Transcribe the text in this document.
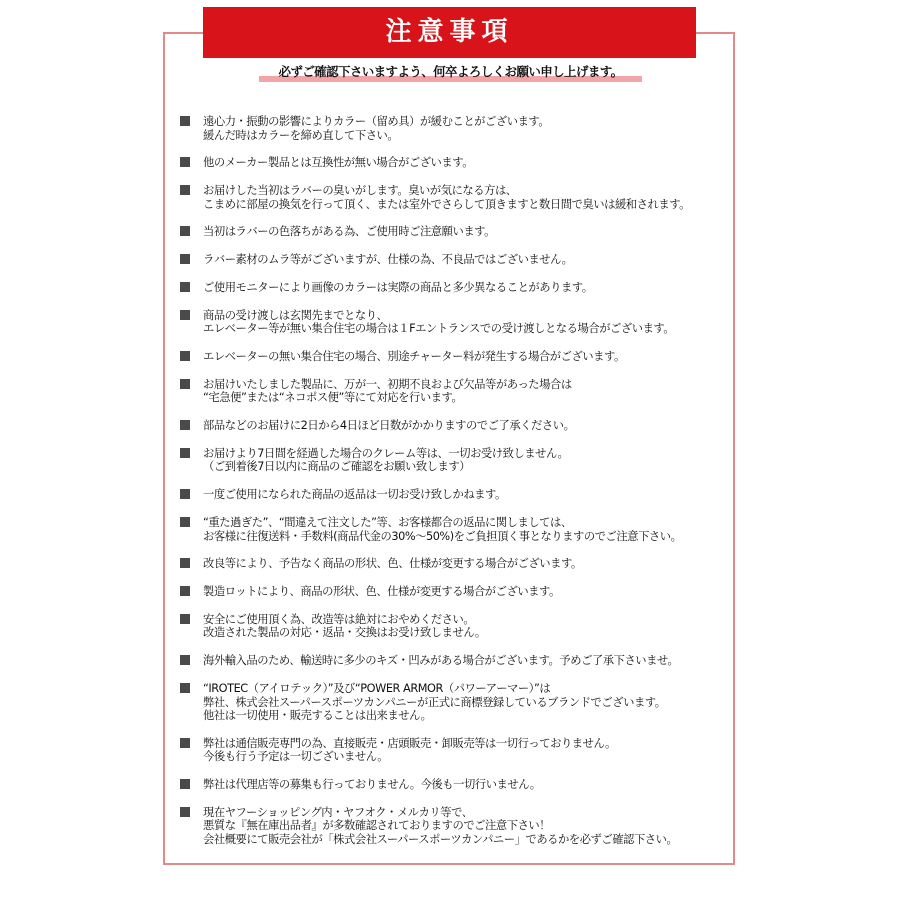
注意事項
必ずご確認下さいますよう、何卒よろしくお願い申し上げます。
遠心力・振動の影響によりカラー（留め具）が緩むことがございます。
緩んだ時はカラーを締め直して下さい。
他のメーカー製品とは互換性が無い場合がございます。
お届けした当初はラバーの臭いがします。臭いが気になる方は、
こまめに部屋の換気を行って頂く、または室外でさらして頂きますと数日間で臭いは緩和されます。
当初はラバーの色落ちがある為、ご使用時ご注意願います。
ラバー素材のムラ等がございますが、仕様の為、不良品ではございません。
ご使用モニターにより画像のカラーは実際の商品と多少異なることがあります。
商品の受け渡しは玄関先までとなり、
エレベーター等が無い集合住宅の場合は１Fエントランスでの受け渡しとなる場合がございます。
エレベーターの無い集合住宅の場合、別途チャーター料が発生する場合がございます。
お届けいたしました製品に、万が一、初期不良および欠品等があった場合は
“宅急便”または“ネコポス便”等にて対応を行います。
部品などのお届けに2日から4日ほど日数がかかりますのでご了承ください。
お届けより7日間を経過した場合のクレーム等は、一切お受け致しません。
（ご到着後7日以内に商品のご確認をお願い致します）
一度ご使用になられた商品の返品は一切お受け致しかねます。
“重た過ぎた”、“間違えて注文した”等、お客様都合の返品に関しましては、
お客様に往復送料・手数料(商品代金の30%〜50%)をご負担頂く事となりますのでご注意下さい。
改良等により、予告なく商品の形状、色、仕様が変更する場合がございます。
製造ロットにより、商品の形状、色、仕様が変更する場合がございます。
安全にご使用頂く為、改造等は絶対におやめください。
改造された製品の対応・返品・交換はお受け致しません。
海外輸入品のため、輸送時に多少のキズ・凹みがある場合がございます。予めご了承下さいませ。
“IROTEC（アイロテック）”及び“POWER ARMOR（パワーアーマー）”は
弊社、株式会社スーパースポーツカンパニーが正式に商標登録しているブランドでございます。
他社は一切使用・販売することは出来ません。
弊社は通信販売専門の為、直接販売・店頭販売・卸販売等は一切行っておりません。
今後も行う予定は一切ございません。
弊社は代理店等の募集も行っておりません。今後も一切行いません。
現在ヤフーショッピング内・ヤフオク・メルカリ等で、
悪質な『無在庫出品者』が多数確認されておりますのでご注意下さい！
会社概要にて販売会社が「株式会社スーパースポーツカンパニー」であるかを必ずご確認下さい。
